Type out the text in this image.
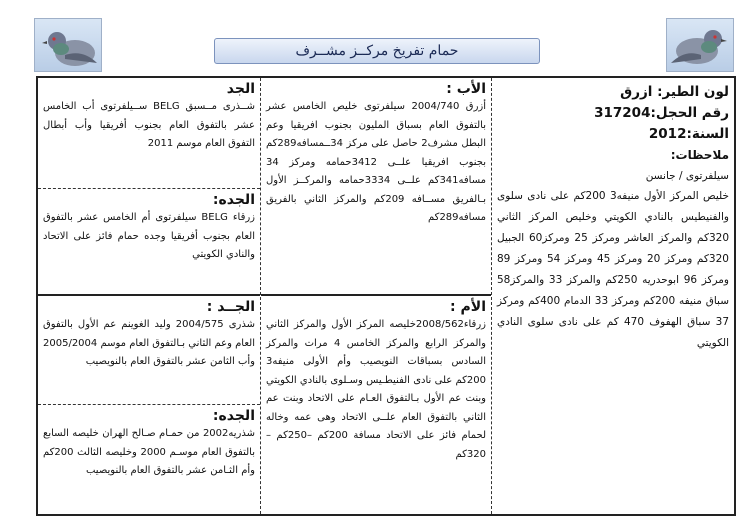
حمام تفريخ مركــز مشــرف
لون الطير: ازرق
رقم الحجل:317204
السنة:2012
ملاحظات:
سيلفرتوى / جانسن
خليص المركز الأول منيفه3 200كم على نادى سلوى والفنيطيس بالنادي الكويتي وخليص المركز الثاني 320كم والمركز العاشر ومركز 25 ومركز60 الجبيل 320كم ومركز 20 ومركز 45 ومركز 54 ومركز 89 ومركز 96 ابوحدريه 250كم والمركز 33 والمركز58 سباق منيفه 200كم ومركز 33 الدمام 400كم ومركز 37 سباق الهفوف 470 كم على نادى سلوى النادي الكويتي
الأب :
أزرق 2004/740 سيلفرتوى خليص الخامس عشر بالتفوق العام بسباق المليون بجنوب افريقيا وعم البطل مشرف2 حاصل على مركز 34ــمسافه289كم بجنوب افريقيا علــى 3412حمامه ومركز 34 مسافه341كم علــى 3334حمامه والمركــز الأول بـالفريق مســافه 209كم والمركز الثاني بالفريق مسافه289كم
الأم :
زرقاء2008/562خليصه المركز الأول والمركز الثاني والمركز الرابع والمركز الخامس 4 مرات والمركز السادس بسباقات النويصيب وأم الأولى منيفه3 200كم على نادى الفنيطـيس وسـلوى بالنادي الكويتي وبنت عم الأول بـالتفوق العـام على الاتحاد وبنت عم الثاني بالتفوق العام علــى الاتحاد وهى عمه وخاله لحمام فائز على الاتحاد مسافة 200كم –250كم –320كم
الجد
شــذرى مــسبق BELG ســيلفرتوى أب الخامس عشر بالتفوق العام بجنوب أفريقيا وأب أبطال التفوق العام موسم 2011
الجده:
زرقاء BELG سيلفرتوى أم الخامس عشر بالتفوق العام بجنوب أفريقيا وجده حمام فائز على الاتحاد والنادي الكويتي
الجــد :
شذرى 2004/575 وليد الغوينم عم الأول بالتفوق العام وعم الثاني بـالتفوق العام موسم 2005/2004 وأب الثامن عشر بالتفوق العام بالنويصيب
الجده:
شذريه2002 من حمـام صـالح الهران خليصه السابع بالتفوق العام موسـم 2000 وخليصه الثالث 200كم وأم الثـامن عشر بالتفوق العام بالنويصيب
